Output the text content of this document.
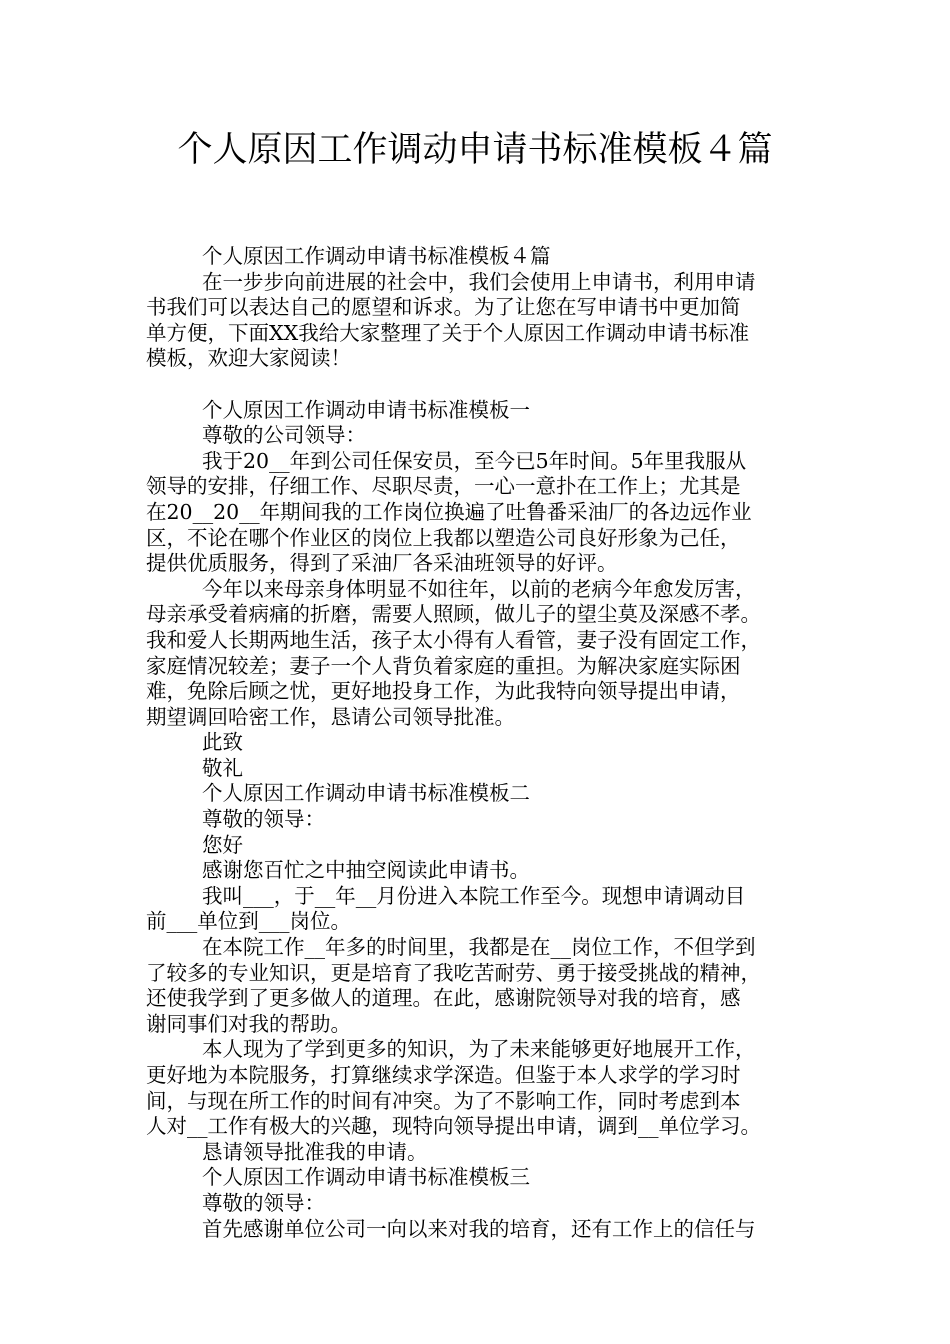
个人原因工作调动申请书标准模板４篇
个人原因工作调动申请书标准模板４篇
在一步步向前进展的社会中，我们会使用上申请书，利用申请
书我们可以表达自己的愿望和诉求。为了让您在写申请书中更加简
单方便，下面XX我给大家整理了关于个人原因工作调动申请书标准
模板，欢迎大家阅读！
个人原因工作调动申请书标准模板一
尊敬的公司领导：
我于20__年到公司任保安员，至今已5年时间。5年里我服从
领导的安排，仔细工作、尽职尽责，一心一意扑在工作上；尤其是
在20__20__年期间我的工作岗位换遍了吐鲁番采油厂的各边远作业
区，不论在哪个作业区的岗位上我都以塑造公司良好形象为己任，
提供优质服务，得到了采油厂各采油班领导的好评。
今年以来母亲身体明显不如往年，以前的老病今年愈发厉害，
母亲承受着病痛的折磨，需要人照顾，做儿子的望尘莫及深感不孝。
我和爱人长期两地生活，孩子太小得有人看管，妻子没有固定工作，
家庭情况较差；妻子一个人背负着家庭的重担。为解决家庭实际困
难，免除后顾之忧，更好地投身工作，为此我特向领导提出申请，
期望调回哈密工作，恳请公司领导批准。
此致
敬礼
个人原因工作调动申请书标准模板二
尊敬的领导：
您好
感谢您百忙之中抽空阅读此申请书。
我叫___，于__年__月份进入本院工作至今。现想申请调动目
前___单位到___岗位。
在本院工作__年多的时间里，我都是在__岗位工作，不但学到
了较多的专业知识，更是培育了我吃苦耐劳、勇于接受挑战的精神，
还使我学到了更多做人的道理。在此，感谢院领导对我的培育，感
谢同事们对我的帮助。
本人现为了学到更多的知识，为了未来能够更好地展开工作，
更好地为本院服务，打算继续求学深造。但鉴于本人求学的学习时
间，与现在所工作的时间有冲突。为了不影响工作，同时考虑到本
人对__工作有极大的兴趣，现特向领导提出申请，调到__单位学习。
恳请领导批准我的申请。
个人原因工作调动申请书标准模板三
尊敬的领导：
首先感谢单位公司一向以来对我的培育，还有工作上的信任与
